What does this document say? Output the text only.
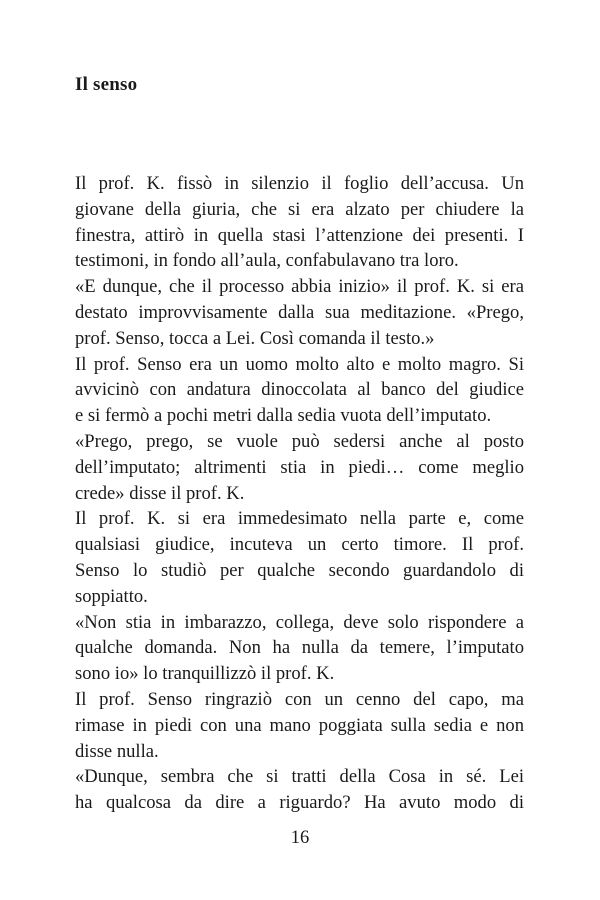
Il senso
Il prof. K. fissò in silenzio il foglio dell’accusa. Un
giovane della giuria, che si era alzato per chiudere la
finestra, attirò in quella stasi l’attenzione dei presenti. I
testimoni, in fondo all’aula, confabulavano tra loro.
«E dunque, che il processo abbia inizio» il prof. K. si era
destato improvvisamente dalla sua meditazione. «Prego,
prof. Senso, tocca a Lei. Così comanda il testo.»
Il prof. Senso era un uomo molto alto e molto magro. Si
avvicinò con andatura dinoccolata al banco del giudice
e si fermò a pochi metri dalla sedia vuota dell’imputato.
«Prego, prego, se vuole può sedersi anche al posto
dell’imputato; altrimenti stia in piedi… come meglio
crede» disse il prof. K.
Il prof. K. si era immedesimato nella parte e, come
qualsiasi giudice, incuteva un certo timore. Il prof.
Senso lo studiò per qualche secondo guardandolo di
soppiatto.
«Non stia in imbarazzo, collega, deve solo rispondere a
qualche domanda. Non ha nulla da temere, l’imputato
sono io» lo tranquillizzò il prof. K.
Il prof. Senso ringraziò con un cenno del capo, ma
rimase in piedi con una mano poggiata sulla sedia e non
disse nulla.
«Dunque, sembra che si tratti della Cosa in sé. Lei
ha qualcosa da dire a riguardo? Ha avuto modo di

16
